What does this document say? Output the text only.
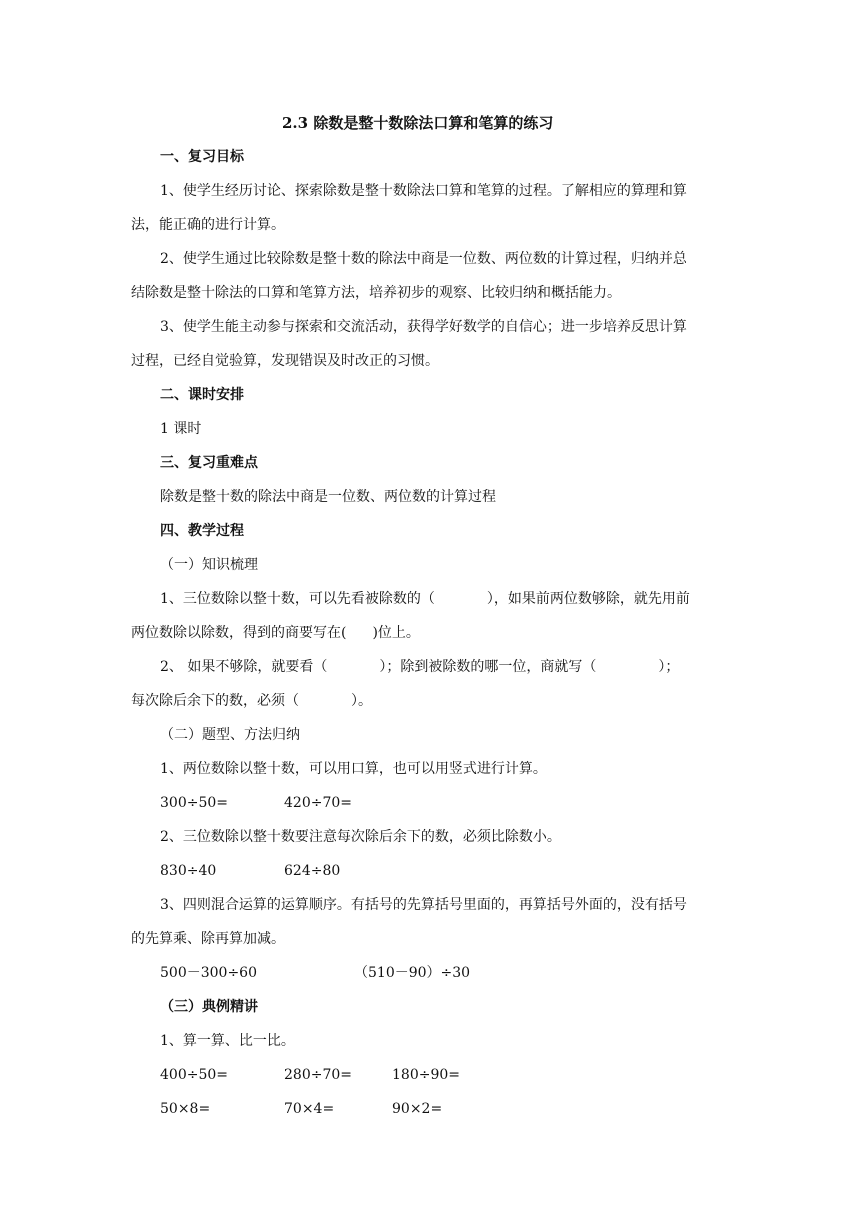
2.3 除数是整十数除法口算和笔算的练习
一、复习目标
1、使学生经历讨论、探索除数是整十数除法口算和笔算的过程。了解相应的算理和算
法，能正确的进行计算。
2、使学生通过比较除数是整十数的除法中商是一位数、两位数的计算过程，归纳并总
结除数是整十除法的口算和笔算方法，培养初步的观察、比较归纳和概括能力。
3、使学生能主动参与探索和交流活动，获得学好数学的自信心；进一步培养反思计算
过程，已经自觉验算，发现错误及时改正的习惯。
二、课时安排
1 课时
三、复习重难点
除数是整十数的除法中商是一位数、两位数的计算过程
四、教学过程
（一）知识梳理
1、三位数除以整十数，可以先看被除数的（	），如果前两位数够除，就先用前
两位数除以除数，得到的商要写在( )位上。
2、 如果不够除，就要看（	）；除到被除数的哪一位，商就写（	）；
每次除后余下的数，必须（	）。
（二）题型、方法归纳
1、两位数除以整十数，可以用口算，也可以用竖式进行计算。
300÷50=	420÷70=
2、三位数除以整十数要注意每次除后余下的数，必须比除数小。
830÷40	624÷80
3、四则混合运算的运算顺序。有括号的先算括号里面的，再算括号外面的，没有括号
的先算乘、除再算加减。
500－300÷60	（510－90）÷30
（三）典例精讲
1、算一算、比一比。
400÷50=	280÷70=	180÷90=
50×8=	70×4=	90×2=
